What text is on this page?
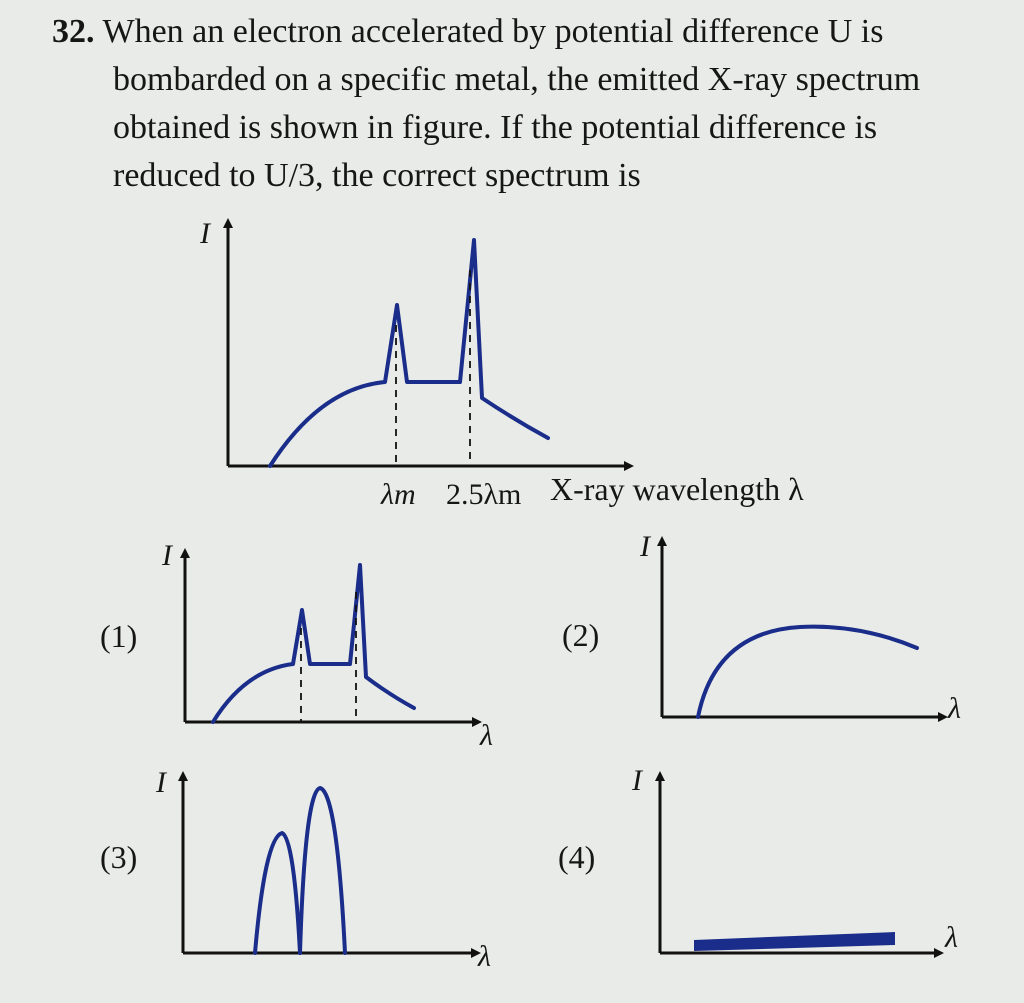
32. When an electron accelerated by potential difference U is
bombarded on a specific metal, the emitted X-ray spectrum
obtained is shown in figure. If the potential difference is
reduced to U/3, the correct spectrum is
I
λm 2.5λm X-ray wavelength λ
(1)
I
λ
(2)
I
λ
(3)
I
λ
(4)
I
λ
